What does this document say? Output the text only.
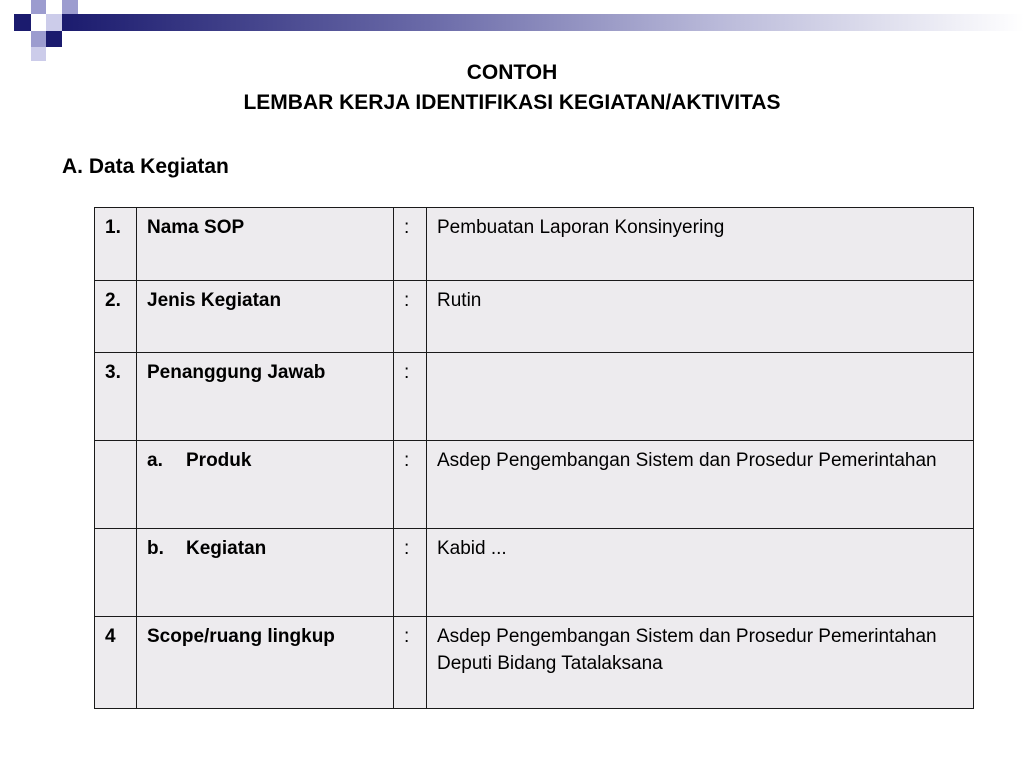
CONTOH
LEMBAR KERJA IDENTIFIKASI KEGIATAN/AKTIVITAS
A. Data Kegiatan
1.	Nama SOP	:	Pembuatan Laporan Konsinyering
2.	Jenis Kegiatan	:	Rutin
3.	Penanggung Jawab	:	
	a. Produk	:	Asdep Pengembangan Sistem dan Prosedur Pemerintahan
	b. Kegiatan	:	Kabid ...
4	Scope/ruang lingkup	:	Asdep Pengembangan Sistem dan Prosedur Pemerintahan Deputi Bidang Tatalaksana
